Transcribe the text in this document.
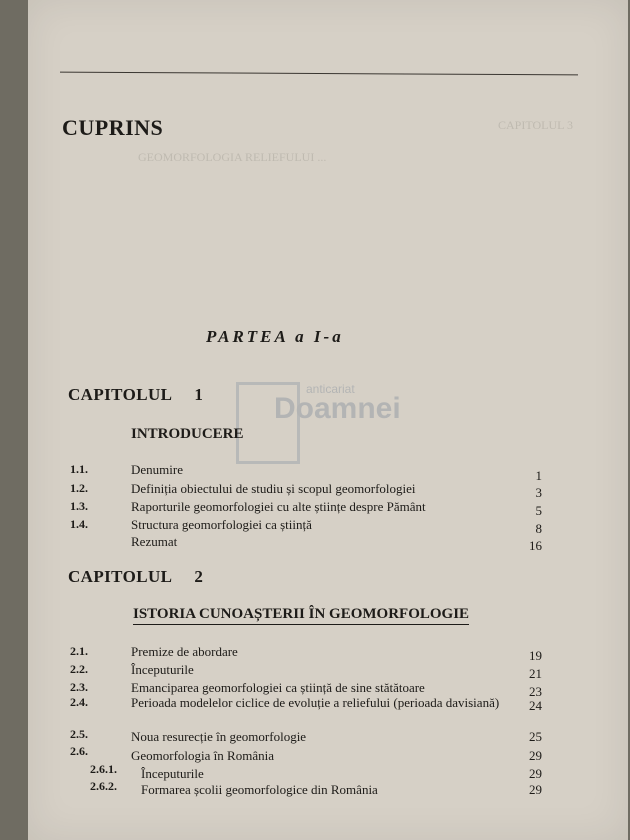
CAPITOLUL 3
GEOMORFOLOGIA RELIEFULUI ...
CUPRINS
PARTEA a I-a
anticariat
Doamnei
CAPITOLUL 1
INTRODUCERE
1.1.	Denumire	1
1.2.	Definiția obiectului de studiu și scopul geomorfologiei	3
1.3.	Raporturile geomorfologiei cu alte științe despre Pământ	5
1.4.	Structura geomorfologiei ca știință	8
Rezumat	16
CAPITOLUL 2
ISTORIA CUNOAȘTERII ÎN GEOMORFOLOGIE
2.1.	Premize de abordare	19
2.2.	Începuturile	21
2.3.	Emanciparea geomorfologiei ca știință de sine stătătoare	23
2.4.	Perioada modelelor ciclice de evoluție a reliefului (perioada davisiană)	24
2.5.	Noua resurecție în geomorfologie	25
2.6.	Geomorfologia în România	29
2.6.1. Începuturile	29
2.6.2. Formarea școlii geomorfologice din România	29
